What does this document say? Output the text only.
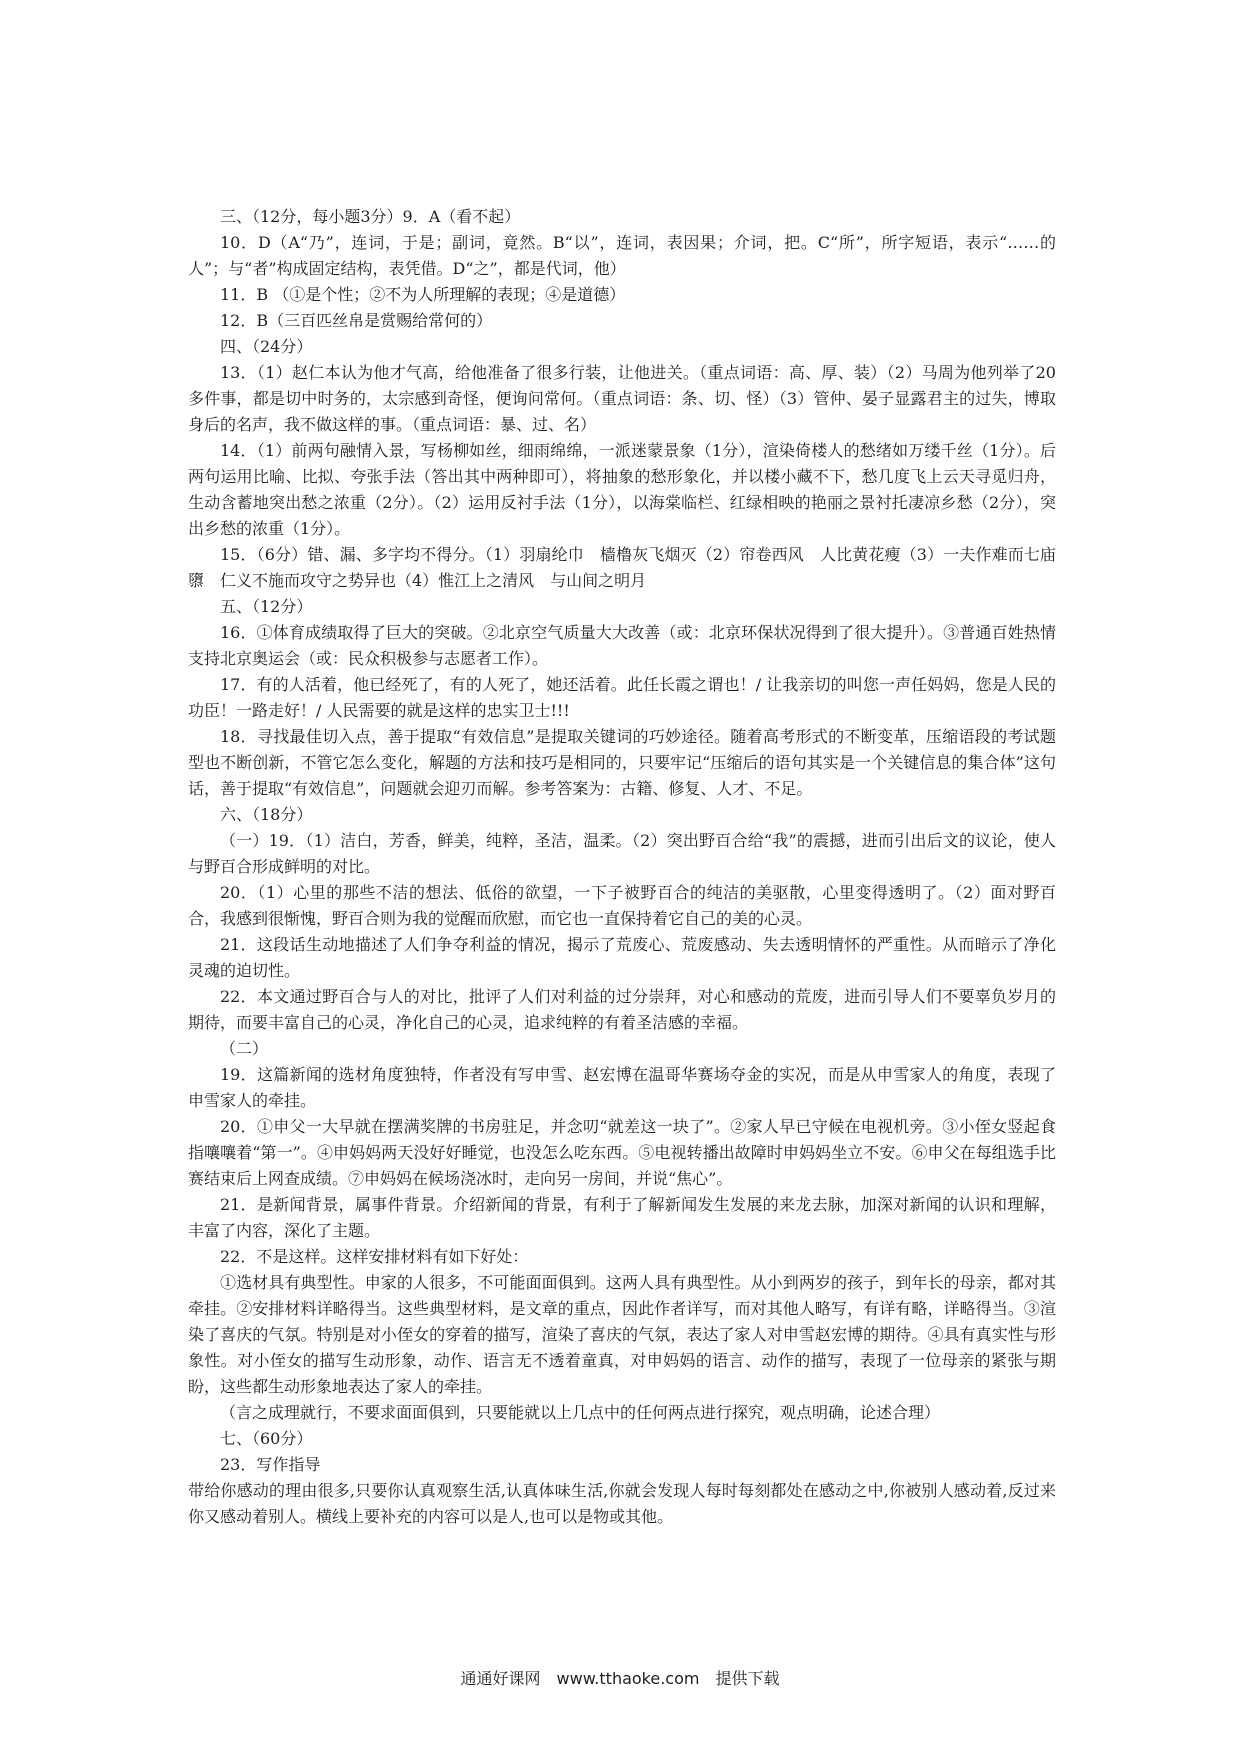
三、（12分，每小题3分）9．A（看不起）

10．D（A“乃”，连词，于是；副词，竟然。B“以”，连词，表因果；介词，把。C“所”，所字短语，表示“……的人”；与“者”构成固定结构，表凭借。D“之”，都是代词，他）

11．B （①是个性；②不为人所理解的表现；④是道德）

12．B（三百匹丝帛是赏赐给常何的）

四、（24分）

13．（1）赵仁本认为他才气高，给他准备了很多行装，让他进关。（重点词语：高、厚、装）（2）马周为他列举了20多件事，都是切中时务的，太宗感到奇怪，便询问常何。（重点词语：条、切、怪）（3）管仲、晏子显露君主的过失，博取身后的名声，我不做这样的事。（重点词语：暴、过、名）

14．（1）前两句融情入景，写杨柳如丝，细雨绵绵，一派迷蒙景象（1分），渲染倚楼人的愁绪如万缕千丝（1分）。后两句运用比喻、比拟、夸张手法（答出其中两种即可），将抽象的愁形象化，并以楼小藏不下，愁几度飞上云天寻觅归舟，生动含蓄地突出愁之浓重（2分）。（2）运用反衬手法（1分），以海棠临栏、红绿相映的艳丽之景衬托凄凉乡愁（2分），突出乡愁的浓重（1分）。

15．（6分）错、漏、多字均不得分。（1）羽扇纶巾　樯橹灰飞烟灭（2）帘卷西风　人比黄花瘦（3）一夫作难而七庙隳　仁义不施而攻守之势异也（4）惟江上之清风　与山间之明月

五、（12分）

16．①体育成绩取得了巨大的突破。②北京空气质量大大改善（或：北京环保状况得到了很大提升）。③普通百姓热情支持北京奥运会（或：民众积极参与志愿者工作）。

17．有的人活着，他已经死了，有的人死了，她还活着。此任长霞之谓也！/ 让我亲切的叫您一声任妈妈，您是人民的功臣！一路走好！/ 人民需要的就是这样的忠实卫士!!!

18．寻找最佳切入点，善于提取“有效信息”是提取关键词的巧妙途径。随着高考形式的不断变革，压缩语段的考试题型也不断创新，不管它怎么变化，解题的方法和技巧是相同的，只要牢记“压缩后的语句其实是一个关键信息的集合体”这句话，善于提取“有效信息”，问题就会迎刃而解。参考答案为：古籍、修复、人才、不足。

六、（18分）

（一）19．（1）洁白，芳香，鲜美，纯粹，圣洁，温柔。（2）突出野百合给“我”的震撼，进而引出后文的议论，使人与野百合形成鲜明的对比。

20．（1）心里的那些不洁的想法、低俗的欲望，一下子被野百合的纯洁的美驱散，心里变得透明了。（2）面对野百合，我感到很惭愧，野百合则为我的觉醒而欣慰，而它也一直保持着它自己的美的心灵。

21．这段话生动地描述了人们争夺利益的情况，揭示了荒废心、荒废感动、失去透明情怀的严重性。从而暗示了净化灵魂的迫切性。

22．本文通过野百合与人的对比，批评了人们对利益的过分崇拜，对心和感动的荒废，进而引导人们不要辜负岁月的期待，而要丰富自己的心灵，净化自己的心灵，追求纯粹的有着圣洁感的幸福。

（二）

19．这篇新闻的选材角度独特，作者没有写申雪、赵宏博在温哥华赛场夺金的实况，而是从申雪家人的角度，表现了申雪家人的牵挂。

20．①申父一大早就在摆满奖牌的书房驻足，并念叨“就差这一块了”。②家人早已守候在电视机旁。③小侄女竖起食指嚷嚷着“第一”。④申妈妈两天没好好睡觉，也没怎么吃东西。⑤电视转播出故障时申妈妈坐立不安。⑥申父在每组选手比赛结束后上网查成绩。⑦申妈妈在候场浇冰时，走向另一房间，并说“焦心”。

21．是新闻背景，属事件背景。介绍新闻的背景，有利于了解新闻发生发展的来龙去脉，加深对新闻的认识和理解，丰富了内容，深化了主题。

22．不是这样。这样安排材料有如下好处：

①选材具有典型性。申家的人很多，不可能面面俱到。这两人具有典型性。从小到两岁的孩子，到年长的母亲，都对其牵挂。②安排材料详略得当。这些典型材料，是文章的重点，因此作者详写，而对其他人略写，有详有略，详略得当。③渲染了喜庆的气氛。特别是对小侄女的穿着的描写，渲染了喜庆的气氛，表达了家人对申雪赵宏博的期待。④具有真实性与形象性。对小侄女的描写生动形象，动作、语言无不透着童真，对申妈妈的语言、动作的描写，表现了一位母亲的紧张与期盼，这些都生动形象地表达了家人的牵挂。

（言之成理就行，不要求面面俱到，只要能就以上几点中的任何两点进行探究，观点明确，论述合理）

七、（60分）

23．写作指导

带给你感动的理由很多,只要你认真观察生活,认真体味生活,你就会发现人每时每刻都处在感动之中,你被别人感动着,反过来你又感动着别人。横线上要补充的内容可以是人,也可以是物或其他。

通通好课网　www.tthaoke.com　提供下载
